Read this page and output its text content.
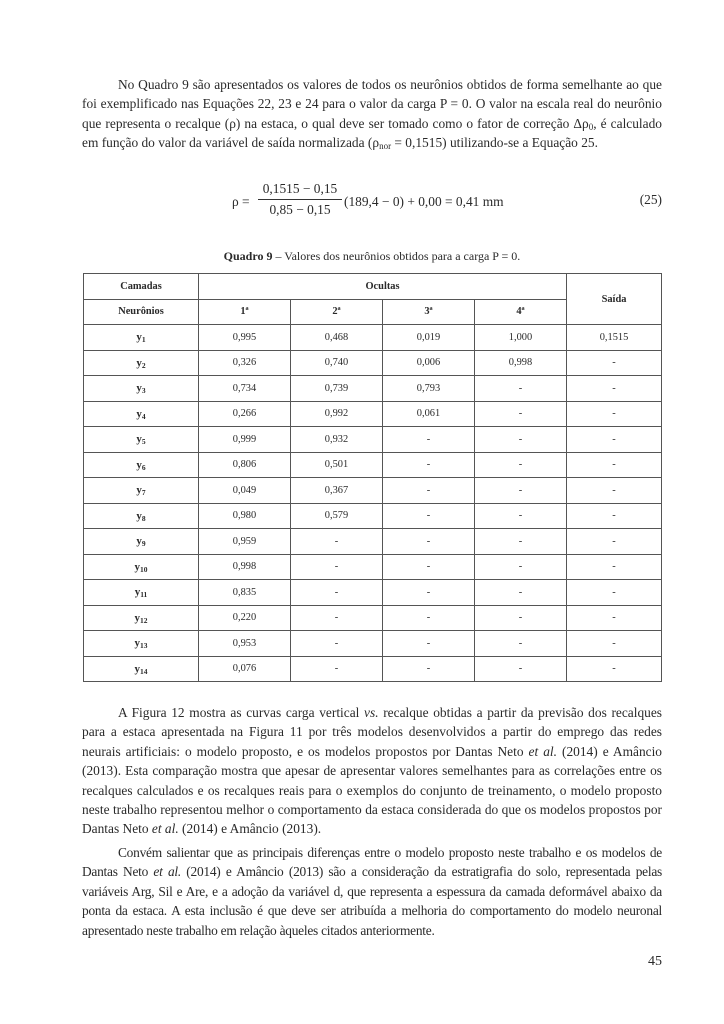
No Quadro 9 são apresentados os valores de todos os neurônios obtidos de forma semelhante ao que foi exemplificado nas Equações 22, 23 e 24 para o valor da carga P = 0. O valor na escala real do neurônio que representa o recalque (ρ) na estaca, o qual deve ser tomado como o fator de correção $\Delta\rho_0$, é calculado em função do valor da variável de saída normalizada $(\rho_{nor} = 0,1515)$ utilizando-se a Equação 25.

$\rho = \frac{0,1515 - 0,15}{0,85 - 0,15} (189,4 - 0) + 0,00 = 0,41$ mm	(25)
Quadro 9 – Valores dos neurônios obtidos para a carga P = 0.
Camadas	Ocultas				Saída
Neurônios	1ª	2ª	3ª	4ª	
$y_1$	0,995	0,468	0,019	1,000	0,1515
$y_2$	0,326	0,740	0,006	0,998	-
$y_3$	0,734	0,739	0,793	-	-
$y_4$	0,266	0,992	0,061	-	-
$y_5$	0,999	0,932	-	-	-
$y_6$	0,806	0,501	-	-	-
$y_7$	0,049	0,367	-	-	-
$y_8$	0,980	0,579	-	-	-
$y_9$	0,959	-	-	-	-
$y_{10}$	0,998	-	-	-	-
$y_{11}$	0,835	-	-	-	-
$y_{12}$	0,220	-	-	-	-
$y_{13}$	0,953	-	-	-	-
$y_{14}$	0,076	-	-	-	-

A Figura 12 mostra as curvas carga vertical vs. recalque obtidas a partir da previsão dos recalques para a estaca apresentada na Figura 11 por três modelos desenvolvidos a partir do emprego das redes neurais artificiais: o modelo proposto, e os modelos propostos por Dantas Neto et al. (2014) e Amâncio (2013). Esta comparação mostra que apesar de apresentar valores semelhantes para as correlações entre os recalques calculados e os recalques reais para o exemplos do conjunto de treinamento, o modelo proposto neste trabalho representou melhor o comportamento da estaca considerada do que os modelos propostos por Dantas Neto et al. (2014) e Amâncio (2013).

Convém salientar que as principais diferenças entre o modelo proposto neste trabalho e os modelos de Dantas Neto et al. (2014) e Amâncio (2013) são a consideração da estratigrafia do solo, representada pelas variáveis Arg, Sil e Are, e a adoção da variável d, que representa a espessura da camada deformável abaixo da ponta da estaca. A esta inclusão é que deve ser atribuída a melhoria do comportamento do modelo neuronal apresentado neste trabalho em relação àqueles citados anteriormente.

45
